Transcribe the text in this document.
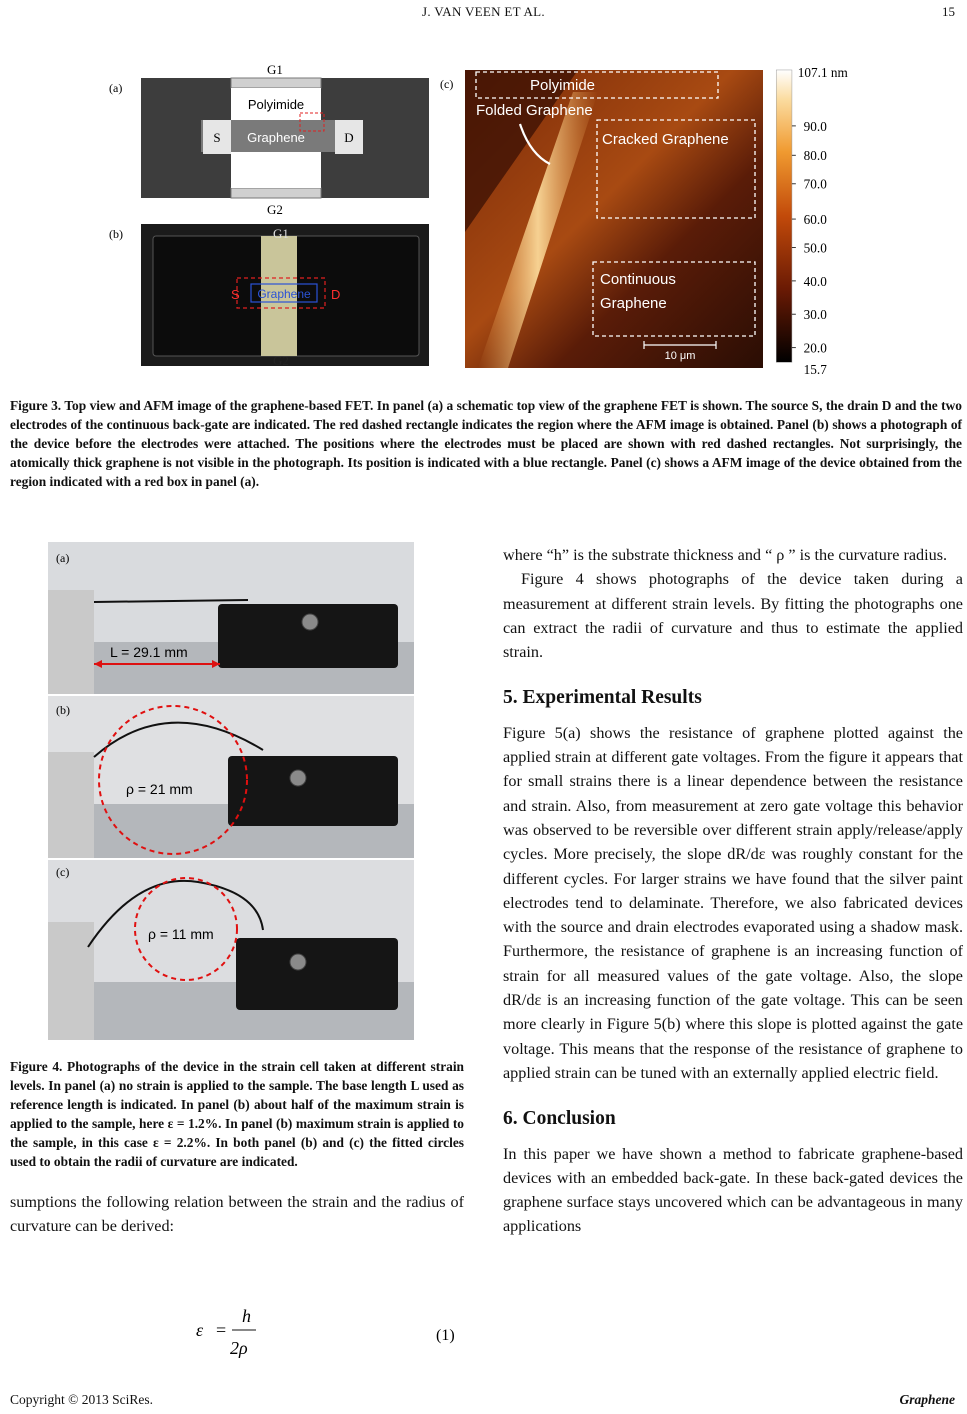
J. VAN VEEN ET AL.	15
(a)
G1
Polyimide
Graphene
S	D
G2
(b)	G1
S	D
Graphene
G2
(c)	Polyimide
Folded Graphene
Cracked Graphene
Continuous
Graphene
10 μm
107.1 nm
90.0
80.0
70.0
60.0
50.0
40.0
30.0
20.0
15.7
Figure 3. Top view and AFM image of the graphene-based FET. In panel (a) a schematic top view of the graphene FET is shown. The source S, the drain D and the two electrodes of the continuous back-gate are indicated. The red dashed rectangle indicates the region where the AFM image is obtained. Panel (b) shows a photograph of the device before the electrodes were attached. The positions where the electrodes must be placed are shown with red dashed rectangles. Not surprisingly, the atomically thick graphene is not visible in the photograph. Its position is indicated with a blue rectangle. Panel (c) shows a AFM image of the device obtained from the region indicated with a red box in panel (a).
(a)
L = 29.1 mm
(b)
ρ = 21 mm
(c)
ρ = 11 mm
Figure 4. Photographs of the device in the strain cell taken at different strain levels. In panel (a) no strain is applied to the sample. The base length L used as reference length is indicated. In panel (b) about half of the maximum strain is applied to the sample, here ε = 1.2%. In panel (b) maximum strain is applied to the sample, in this case ε = 2.2%. In both panel (b) and (c) the fitted circles used to obtain the radii of curvature are indicated.
sumptions the following relation between the strain and the radius of curvature can be derived:
ε =
h
2ρ
(1)

where “h” is the substrate thickness and “ ρ ” is the curvature radius.

Figure 4 shows photographs of the device taken during a measurement at different strain levels. By fitting the photographs one can extract the radii of curvature and thus to estimate the applied strain.

5. Experimental Results

Figure 5(a) shows the resistance of graphene plotted against the applied strain at different gate voltages. From the figure it appears that for small strains there is a linear dependence between the resistance and strain. Also, from measurement at zero gate voltage this behavior was observed to be reversible over different strain apply/release/apply cycles. More precisely, the slope dR/dε was roughly constant for the different cycles. For larger strains we have found that the silver paint electrodes tend to delaminate. Therefore, we also fabricated devices with the source and drain electrodes evaporated using a shadow mask. Furthermore, the resistance of graphene is an increasing function of strain for all measured values of the gate voltage. Also, the slope dR/dε is an increasing function of the gate voltage. This can be seen more clearly in Figure 5(b) where this slope is plotted against the gate voltage. This means that the response of the resistance of graphene to applied strain can be tuned with an externally applied electric field.

6. Conclusion

In this paper we have shown a method to fabricate graphene-based devices with an embedded back-gate. In these back-gated devices the graphene surface stays uncovered which can be advantageous in many applications

Copyright © 2013 SciRes.	Graphene
